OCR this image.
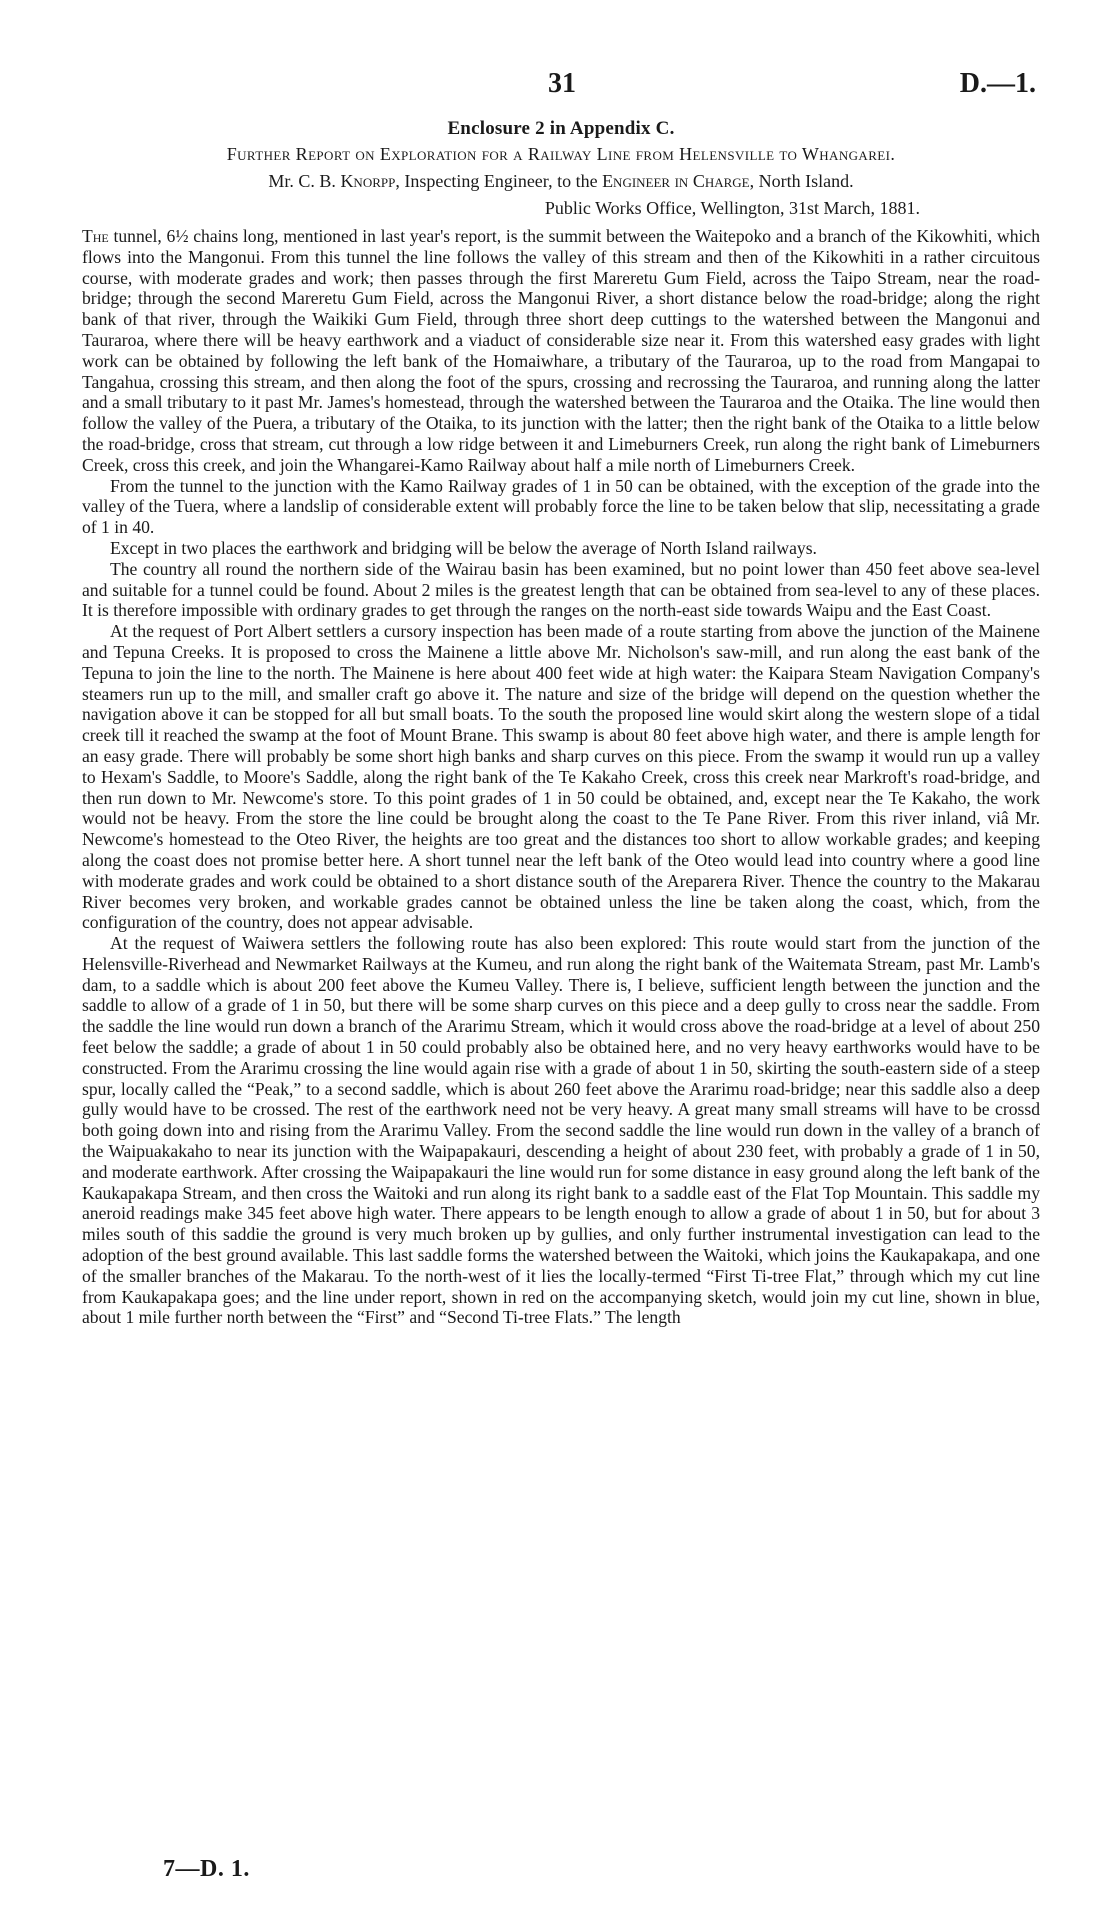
31	D.—1.
Enclosure 2 in Appendix C.
Further Report on Exploration for a Railway Line from Helensville to Whangarei.
Mr. C. B. Knorpp, Inspecting Engineer, to the Engineer in Charge, North Island.
Public Works Office, Wellington, 31st March, 1881.

The tunnel, 6½ chains long, mentioned in last year's report, is the summit between the Waitepoko and a branch of the Kikowhiti, which flows into the Mangonui. From this tunnel the line follows the valley of this stream and then of the Kikowhiti in a rather circuitous course, with moderate grades and work; then passes through the first Mareretu Gum Field, across the Taipo Stream, near the road-bridge; through the second Mareretu Gum Field, across the Mangonui River, a short distance below the road-bridge; along the right bank of that river, through the Waikiki Gum Field, through three short deep cuttings to the watershed between the Mangonui and Tauraroa, where there will be heavy earthwork and a viaduct of considerable size near it. From this watershed easy grades with light work can be obtained by following the left bank of the Homaiwhare, a tributary of the Tauraroa, up to the road from Mangapai to Tangahua, crossing this stream, and then along the foot of the spurs, crossing and recrossing the Tauraroa, and running along the latter and a small tributary to it past Mr. James's homestead, through the watershed between the Tauraroa and the Otaika. The line would then follow the valley of the Puera, a tributary of the Otaika, to its junction with the latter; then the right bank of the Otaika to a little below the road-bridge, cross that stream, cut through a low ridge between it and Limeburners Creek, run along the right bank of Limeburners Creek, cross this creek, and join the Whangarei-Kamo Railway about half a mile north of Limeburners Creek.

From the tunnel to the junction with the Kamo Railway grades of 1 in 50 can be obtained, with the exception of the grade into the valley of the Tuera, where a landslip of considerable extent will probably force the line to be taken below that slip, necessitating a grade of 1 in 40.

Except in two places the earthwork and bridging will be below the average of North Island railways.

The country all round the northern side of the Wairau basin has been examined, but no point lower than 450 feet above sea-level and suitable for a tunnel could be found. About 2 miles is the greatest length that can be obtained from sea-level to any of these places. It is therefore impossible with ordinary grades to get through the ranges on the north-east side towards Waipu and the East Coast.

At the request of Port Albert settlers a cursory inspection has been made of a route starting from above the junction of the Mainene and Tepuna Creeks. It is proposed to cross the Mainene a little above Mr. Nicholson's saw-mill, and run along the east bank of the Tepuna to join the line to the north. The Mainene is here about 400 feet wide at high water: the Kaipara Steam Navigation Company's steamers run up to the mill, and smaller craft go above it. The nature and size of the bridge will depend on the question whether the navigation above it can be stopped for all but small boats. To the south the proposed line would skirt along the western slope of a tidal creek till it reached the swamp at the foot of Mount Brane. This swamp is about 80 feet above high water, and there is ample length for an easy grade. There will probably be some short high banks and sharp curves on this piece. From the swamp it would run up a valley to Hexam's Saddle, to Moore's Saddle, along the right bank of the Te Kakaho Creek, cross this creek near Markroft's road-bridge, and then run down to Mr. Newcome's store. To this point grades of 1 in 50 could be obtained, and, except near the Te Kakaho, the work would not be heavy. From the store the line could be brought along the coast to the Te Pane River. From this river inland, viâ Mr. Newcome's homestead to the Oteo River, the heights are too great and the distances too short to allow workable grades; and keeping along the coast does not promise better here. A short tunnel near the left bank of the Oteo would lead into country where a good line with moderate grades and work could be obtained to a short distance south of the Areparera River. Thence the country to the Makarau River becomes very broken, and workable grades cannot be obtained unless the line be taken along the coast, which, from the configuration of the country, does not appear advisable.

At the request of Waiwera settlers the following route has also been explored: This route would start from the junction of the Helensville-Riverhead and Newmarket Railways at the Kumeu, and run along the right bank of the Waitemata Stream, past Mr. Lamb's dam, to a saddle which is about 200 feet above the Kumeu Valley. There is, I believe, sufficient length between the junction and the saddle to allow of a grade of 1 in 50, but there will be some sharp curves on this piece and a deep gully to cross near the saddle. From the saddle the line would run down a branch of the Ararimu Stream, which it would cross above the road-bridge at a level of about 250 feet below the saddle; a grade of about 1 in 50 could probably also be obtained here, and no very heavy earthworks would have to be constructed. From the Ararimu crossing the line would again rise with a grade of about 1 in 50, skirting the south-eastern side of a steep spur, locally called the “Peak,” to a second saddle, which is about 260 feet above the Ararimu road-bridge; near this saddle also a deep gully would have to be crossed. The rest of the earthwork need not be very heavy. A great many small streams will have to be crossd both going down into and rising from the Ararimu Valley. From the second saddle the line would run down in the valley of a branch of the Waipuakakaho to near its junction with the Waipapakauri, descending a height of about 230 feet, with probably a grade of 1 in 50, and moderate earthwork. After crossing the Waipapakauri the line would run for some distance in easy ground along the left bank of the Kaukapakapa Stream, and then cross the Waitoki and run along its right bank to a saddle east of the Flat Top Mountain. This saddle my aneroid readings make 345 feet above high water. There appears to be length enough to allow a grade of about 1 in 50, but for about 3 miles south of this saddie the ground is very much broken up by gullies, and only further instrumental investigation can lead to the adoption of the best ground available. This last saddle forms the watershed between the Waitoki, which joins the Kaukapakapa, and one of the smaller branches of the Makarau. To the north-west of it lies the locally-termed “First Ti-tree Flat,” through which my cut line from Kaukapakapa goes; and the line under report, shown in red on the accompanying sketch, would join my cut line, shown in blue, about 1 mile further north between the “First” and “Second Ti-tree Flats.” The length

7—D. 1.
